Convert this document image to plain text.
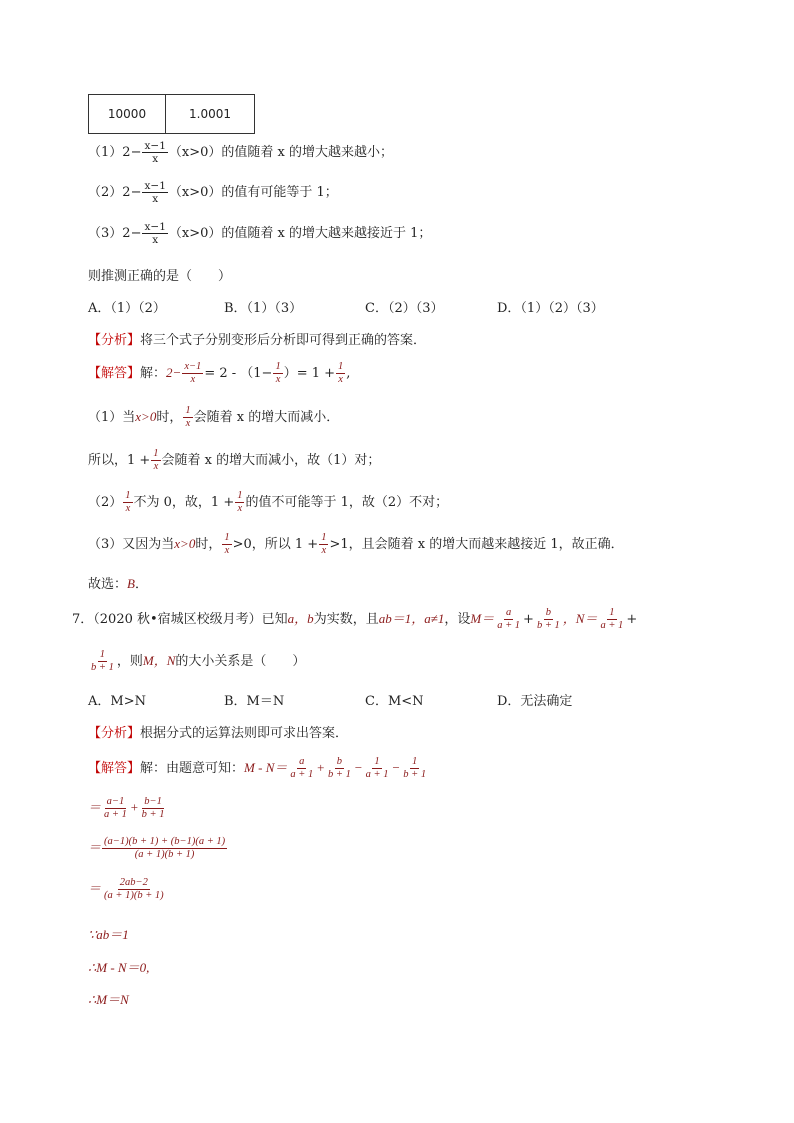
10000	1.0001
$(1)2- \frac{x-1}{x} (x>0)$的值随着 x 的增大越来越小；
$(2)2- \frac{x-1}{x} (x>0)$的值有可能等于 1；
$(3)2- \frac{x-1}{x} (x>0)$的值随着 x 的增大越来越接近于 1；
则推测正确的是（　　）
A．（1）（2）	B．（1）（3）	C．（2）（3）	D．（1）（2）（3）
【分析】将三个式子分别变形后分析即可得到正确的答案．
【解答】解：$2- \frac{x-1}{x} = 2 - (1- \frac{1}{x}$ ）= $1 + \frac{1}{x}$ ,
（1）当x>0时， $\frac{1}{x}$ 会随着 x 的增大而减小．
所以，$1 + \frac{1}{x}$ 会随着 x 的增大而减小，故（1）对；
$(2) \frac{1}{x}$ 不为 0，故，$1 + \frac{1}{x}$ 的值不可能等于 1，故（2）不对；
（3）又因为当x>0时， $\frac{1}{x} >0$，所以 $1 + \frac{1}{x} >1$，且会随着 x 的增大而越来越接近 1，故正确．
故选：B．
7．（2020 秋•宿城区校级月考）已知a，b为实数，且ab＝1，a≠1，设$M= \frac{a}{a + 1} + \frac{b}{b + 1}$ ，$N= \frac{1}{a + 1}$ +
$\frac{1}{b + 1}$ ，则M，N的大小关系是（　　）
A．M>N	B．M＝N	C．M<N	D．无法确定
【分析】根据分式的运算法则即可求出答案．
【解答】解：由题意可知：$M - N= \frac{a}{a + 1} + \frac{b}{b + 1} - \frac{1}{a + 1} - \frac{1}{b + 1}$
＝ $\frac{a-1}{a + 1} + \frac{b-1}{b + 1}$
＝ $\frac{(a-1)(b + 1) + (b-1)(a + 1)}{(a + 1)(b + 1)}$
＝ $\frac{2ab-2}{(a + 1)(b + 1)}$
∵ab＝1
∴M - N＝0,
∴M＝N
